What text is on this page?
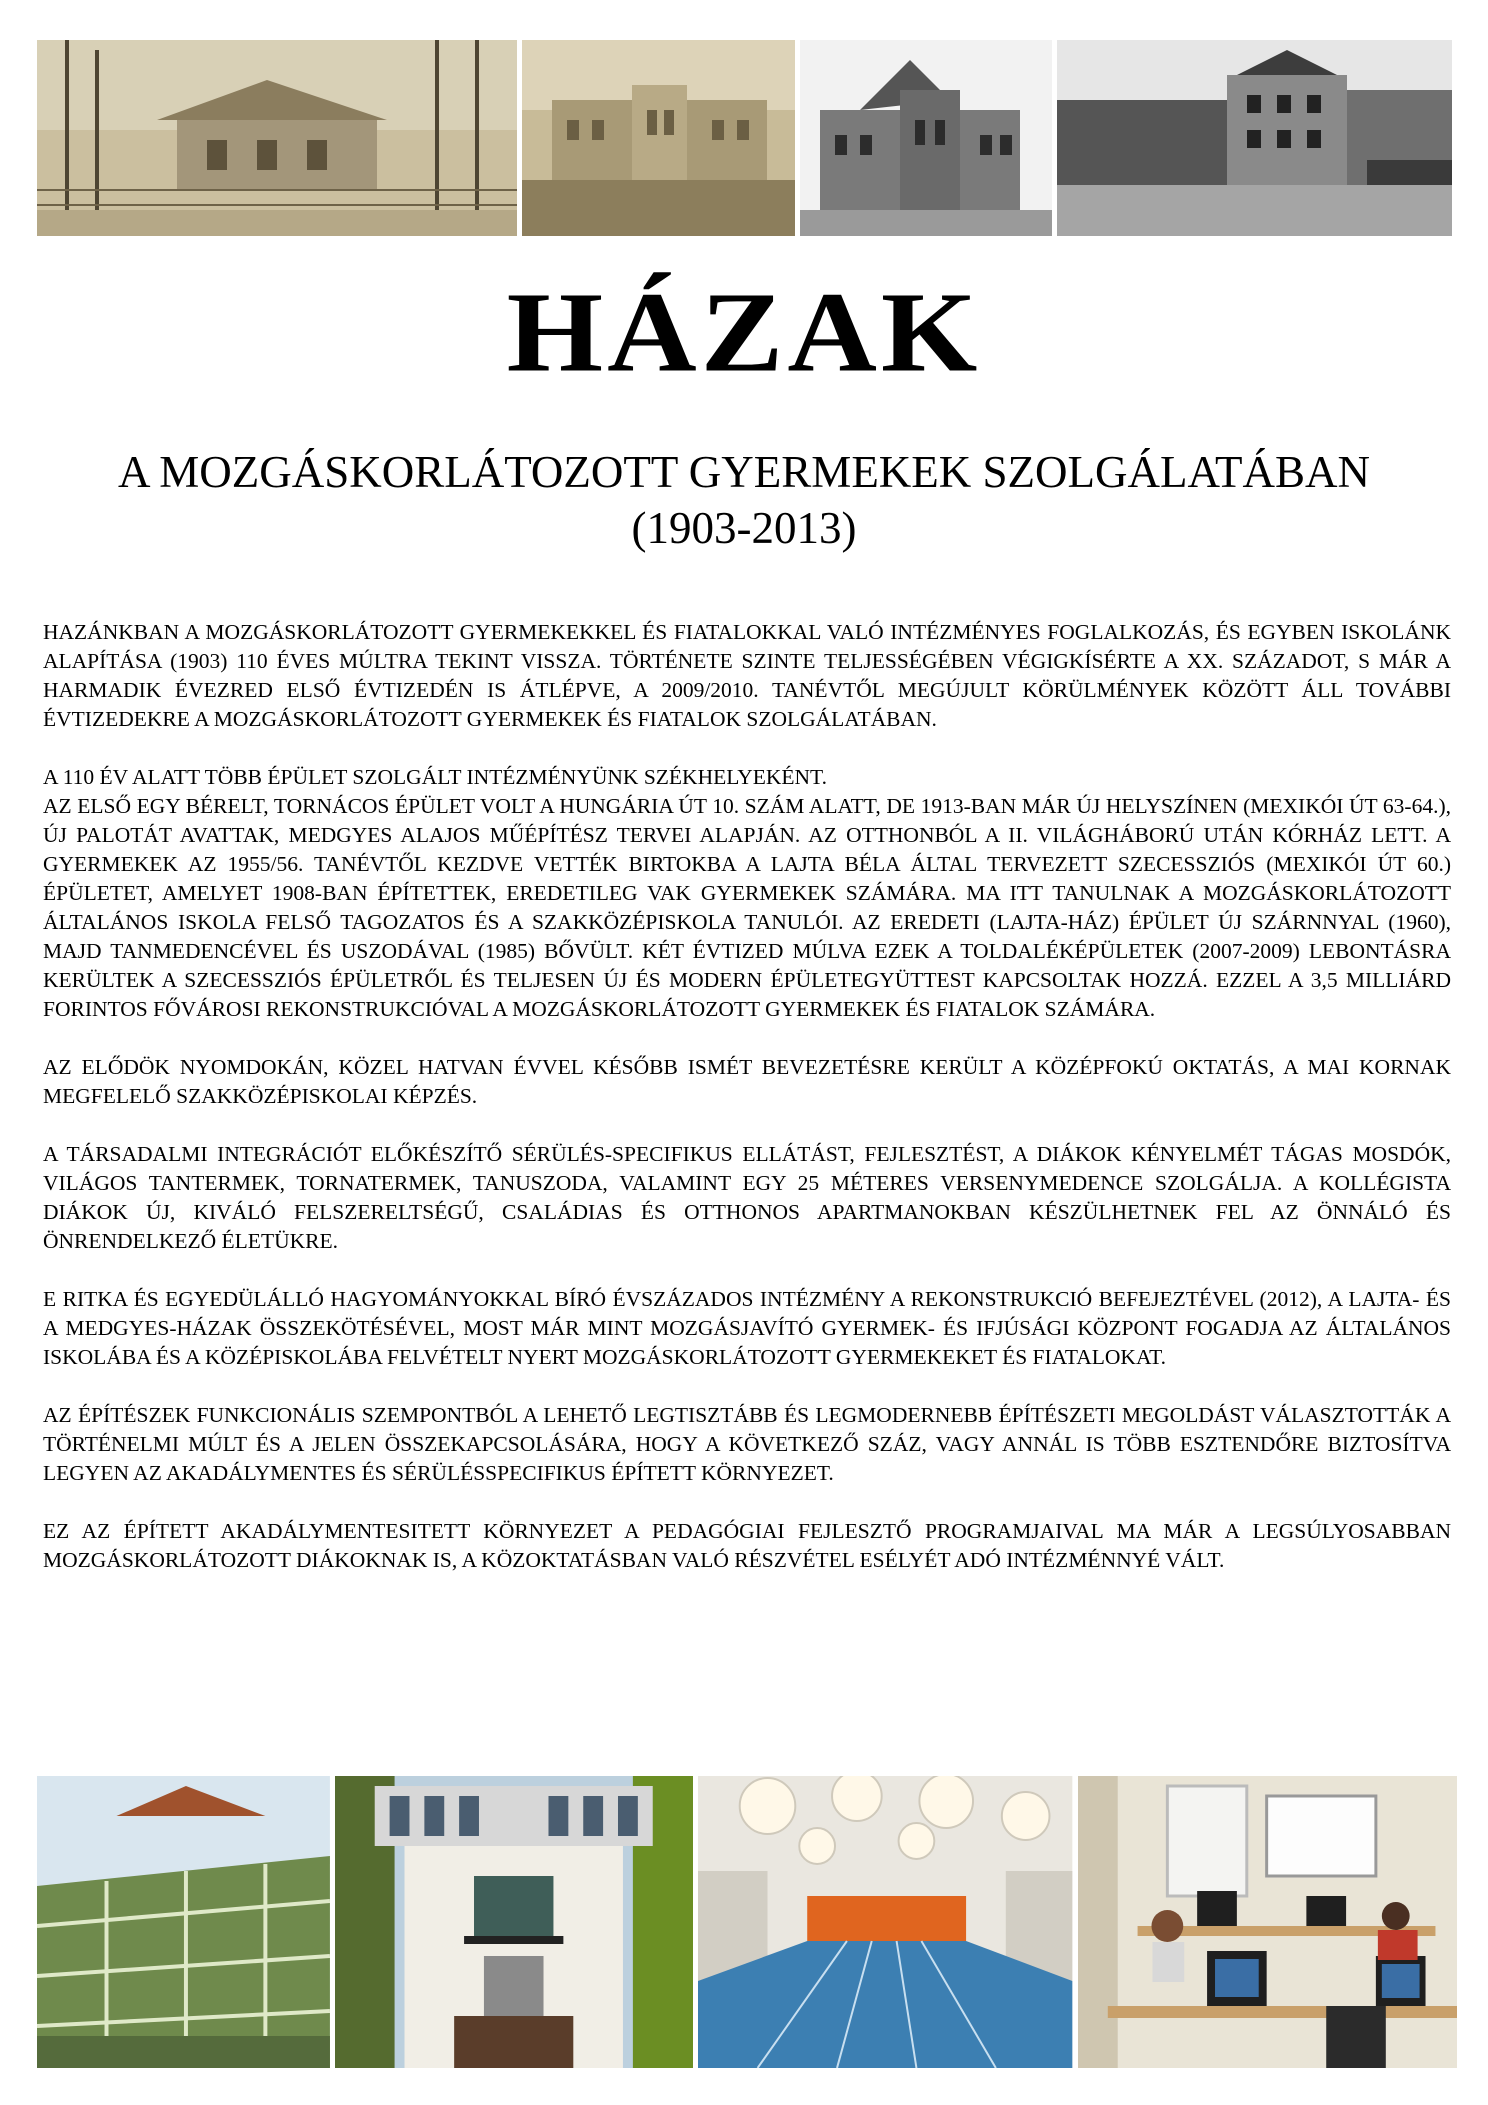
HÁZAK
A MOZGÁSKORLÁTOZOTT GYERMEKEK SZOLGÁLATÁBAN
(1903-2013)

HAZÁNKBAN A MOZGÁSKORLÁTOZOTT GYERMEKEKKEL ÉS FIATALOKKAL VALÓ INTÉZMÉNYES FOGLALKOZÁS, ÉS EGYBEN ISKOLÁNK ALAPÍTÁSA (1903) 110 ÉVES MÚLTRA TEKINT VISSZA. TÖRTÉNETE SZINTE TELJESSÉGÉBEN VÉGIGKÍSÉRTE A XX. SZÁZADOT, S MÁR A HARMADIK ÉVEZRED ELSŐ ÉVTIZEDÉN IS ÁTLÉPVE, A 2009/2010. TANÉVTŐL MEGÚJULT KÖRÜLMÉNYEK KÖZÖTT ÁLL TOVÁBBI ÉVTIZEDEKRE A MOZGÁSKORLÁTOZOTT GYERMEKEK ÉS FIATALOK SZOLGÁLATÁBAN.

A 110 ÉV ALATT TÖBB ÉPÜLET SZOLGÁLT INTÉZMÉNYÜNK SZÉKHELYEKÉNT.

AZ ELSŐ EGY BÉRELT, TORNÁCOS ÉPÜLET VOLT A HUNGÁRIA ÚT 10. SZÁM ALATT, DE 1913-BAN MÁR ÚJ HELYSZÍNEN (MEXIKÓI ÚT 63-64.), ÚJ PALOTÁT AVATTAK, MEDGYES ALAJOS MŰÉPÍTÉSZ TERVEI ALAPJÁN. AZ OTTHONBÓL A II. VILÁGHÁBORÚ UTÁN KÓRHÁZ LETT. A GYERMEKEK AZ 1955/56. TANÉVTŐL KEZDVE VETTÉK BIRTOKBA A LAJTA BÉLA ÁLTAL TERVEZETT SZECESSZIÓS (MEXIKÓI ÚT 60.) ÉPÜLETET, AMELYET 1908-BAN ÉPÍTETTEK, EREDETILEG VAK GYERMEKEK SZÁMÁRA. MA ITT TANULNAK A MOZGÁSKORLÁTOZOTT ÁLTALÁNOS ISKOLA FELSŐ TAGOZATOS ÉS A SZAKKÖZÉPISKOLA TANULÓI. AZ EREDETI (LAJTA-HÁZ) ÉPÜLET ÚJ SZÁRNNYAL (1960), MAJD TANMEDENCÉVEL ÉS USZODÁVAL (1985) BŐVÜLT. KÉT ÉVTIZED MÚLVA EZEK A TOLDALÉKÉPÜLETEK (2007-2009) LEBONTÁSRA KERÜLTEK A SZECESSZIÓS ÉPÜLETRŐL ÉS TELJESEN ÚJ ÉS MODERN ÉPÜLETEGYÜTTEST KAPCSOLTAK HOZZÁ. EZZEL A 3,5 MILLIÁRD FORINTOS FŐVÁROSI REKONSTRUKCIÓVAL A MOZGÁSKORLÁTOZOTT GYERMEKEK ÉS FIATALOK SZÁMÁRA.

AZ ELŐDÖK NYOMDOKÁN, KÖZEL HATVAN ÉVVEL KÉSŐBB ISMÉT BEVEZETÉSRE KERÜLT A KÖZÉPFOKÚ OKTATÁS, A MAI KORNAK MEGFELELŐ SZAKKÖZÉPISKOLAI KÉPZÉS.

A TÁRSADALMI INTEGRÁCIÓT ELŐKÉSZÍTŐ SÉRÜLÉS-SPECIFIKUS ELLÁTÁST, FEJLESZTÉST, A DIÁKOK KÉNYELMÉT TÁGAS MOSDÓK, VILÁGOS TANTERMEK, TORNATERMEK, TANUSZODA, VALAMINT EGY 25 MÉTERES VERSENYMEDENCE SZOLGÁLJA. A KOLLÉGISTA DIÁKOK ÚJ, KIVÁLÓ FELSZERELTSÉGŰ, CSALÁDIAS ÉS OTTHONOS APARTMANOKBAN KÉSZÜLHETNEK FEL AZ ÖNNÁLÓ ÉS ÖNRENDELKEZŐ ÉLETÜKRE.

E RITKA ÉS EGYEDÜLÁLLÓ HAGYOMÁNYOKKAL BÍRÓ ÉVSZÁZADOS INTÉZMÉNY A REKONSTRUKCIÓ BEFEJEZTÉVEL (2012), A LAJTA- ÉS A MEDGYES-HÁZAK ÖSSZEKÖTÉSÉVEL, MOST MÁR MINT MOZGÁSJAVÍTÓ GYERMEK- ÉS IFJÚSÁGI KÖZPONT FOGADJA AZ ÁLTALÁNOS ISKOLÁBA ÉS A KÖZÉPISKOLÁBA FELVÉTELT NYERT MOZGÁSKORLÁTOZOTT GYERMEKEKET ÉS FIATALOKAT.

AZ ÉPÍTÉSZEK FUNKCIONÁLIS SZEMPONTBÓL A LEHETŐ LEGTISZTÁBB ÉS LEGMODERNEBB ÉPÍTÉSZETI MEGOLDÁST VÁLASZTOTTÁK A TÖRTÉNELMI MÚLT ÉS A JELEN ÖSSZEKAPCSOLÁSÁRA, HOGY A KÖVETKEZŐ SZÁZ, VAGY ANNÁL IS TÖBB ESZTENDŐRE BIZTOSÍTVA LEGYEN AZ AKADÁLYMENTES ÉS SÉRÜLÉSSPECIFIKUS ÉPÍTETT KÖRNYEZET.

EZ AZ ÉPÍTETT AKADÁLYMENTESITETT KÖRNYEZET A PEDAGÓGIAI FEJLESZTŐ PROGRAMJAIVAL MA MÁR A LEGSÚLYOSABBAN MOZGÁSKORLÁTOZOTT DIÁKOKNAK IS, A KÖZOKTATÁSBAN VALÓ RÉSZVÉTEL ESÉLYÉT ADÓ INTÉZMÉNNYÉ VÁLT.
